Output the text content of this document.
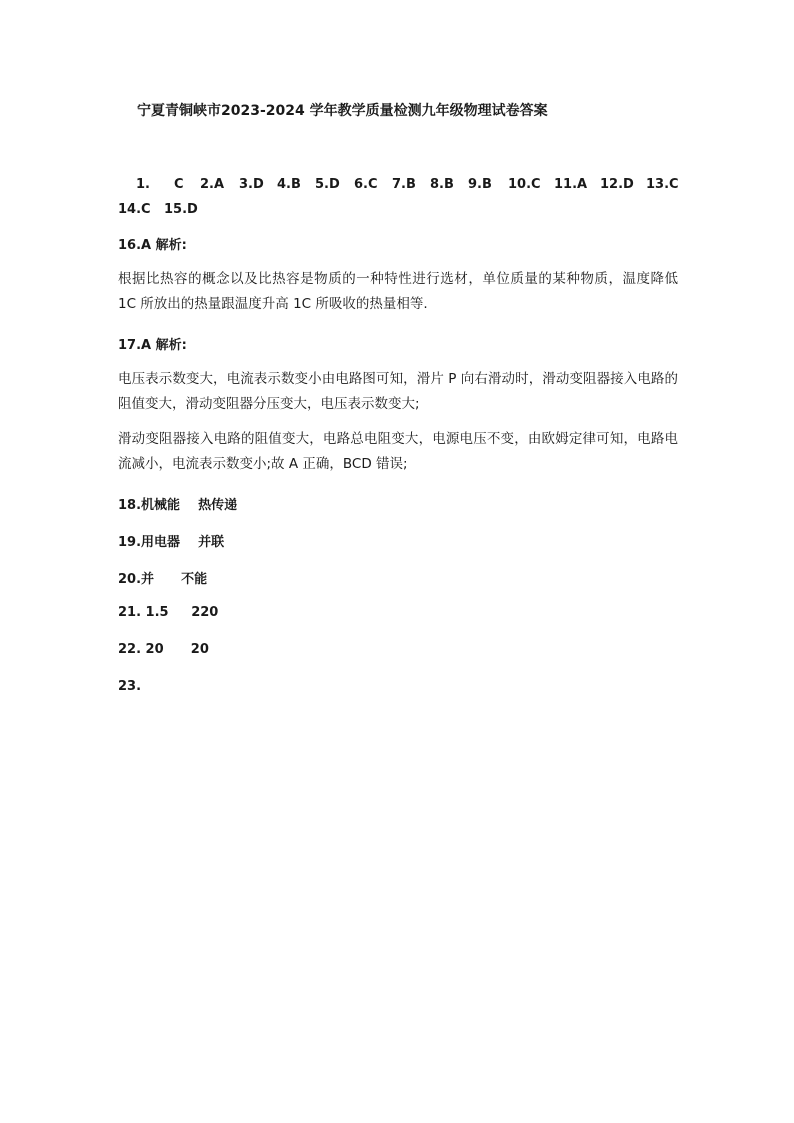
宁夏青铜峡市2023-2024 学年教学质量检测九年级物理试卷答案
1. C 2.A 3.D 4.B 5.D 6.C 7.B 8.B 9.B 10.C 11.A 12.D 13.C
14.C 15.D
16.A 解析:
根据比热容的概念以及比热容是物质的一种特性进行选材，单位质量的某种物质，温度降低 1C 所放出的热量跟温度升高 1C 所吸收的热量相等.
17.A 解析:
电压表示数变大，电流表示数变小由电路图可知，滑片 P 向右滑动时，滑动变阻器接入电路的阻值变大，滑动变阻器分压变大，电压表示数变大;
滑动变阻器接入电路的阻值变大，电路总电阻变大，电源电压不变，由欧姆定律可知，电路电流减小，电流表示数变小;故 A 正确，BCD 错误;
18.机械能    热传递
19.用电器    并联
20.并      不能
21. 1.5     220
22. 20      20
23.
